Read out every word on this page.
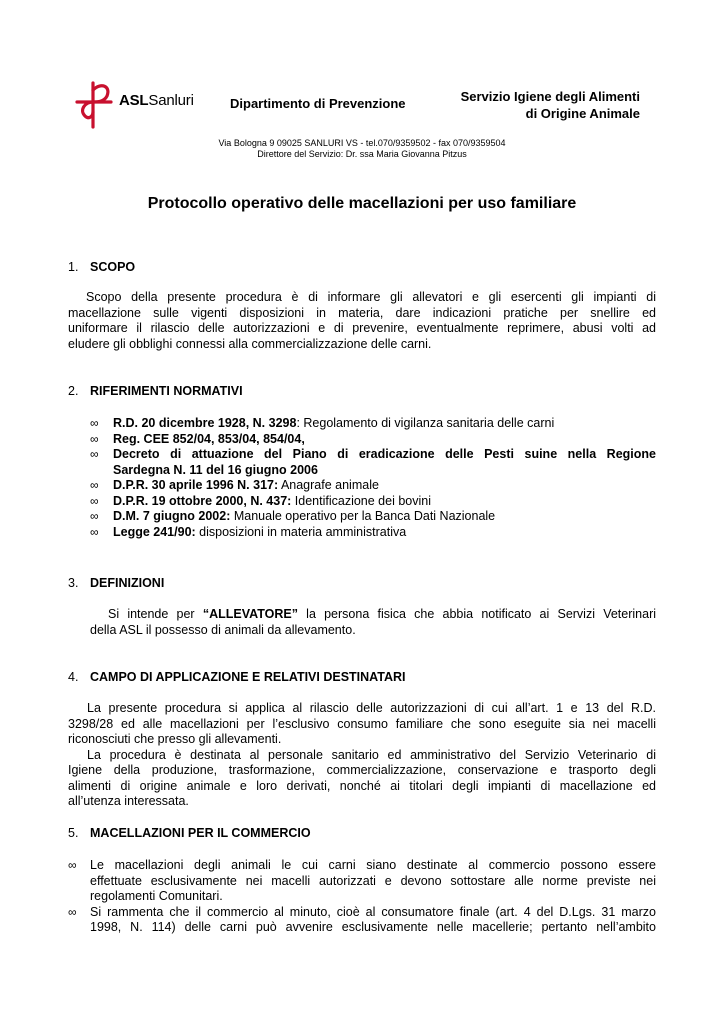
ASLSanluri	Dipartimento di Prevenzione	Servizio Igiene degli Alimenti
di Origine Animale
Via Bologna 9 09025 SANLURI VS - tel.070/9359502 - fax 070/9359504
Direttore del Servizio: Dr. ssa Maria Giovanna Pitzus
Protocollo operativo delle macellazioni per uso familiare
1. SCOPO
Scopo della presente procedura è di informare gli allevatori e gli esercenti gli impianti di
macellazione sulle vigenti disposizioni in materia, dare indicazioni pratiche per snellire ed
uniformare il rilascio delle autorizzazioni e di prevenire, eventualmente reprimere, abusi volti ad
eludere gli obblighi connessi alla commercializzazione delle carni.
2. RIFERIMENTI NORMATIVI
∞ R.D. 20 dicembre 1928, N. 3298: Regolamento di vigilanza sanitaria delle carni
∞ Reg. CEE 852/04, 853/04, 854/04,
∞ Decreto di attuazione del Piano di eradicazione delle Pesti suine nella Regione
Sardegna N. 11 del 16 giugno 2006
∞ D.P.R. 30 aprile 1996 N. 317: Anagrafe animale
∞ D.P.R. 19 ottobre 2000, N. 437: Identificazione dei bovini
∞ D.M. 7 giugno 2002: Manuale operativo per la Banca Dati Nazionale
∞ Legge 241/90: disposizioni in materia amministrativa
3. DEFINIZIONI
Si intende per “ALLEVATORE” la persona fisica che abbia notificato ai Servizi Veterinari
della ASL il possesso di animali da allevamento.
4. CAMPO DI APPLICAZIONE E RELATIVI DESTINATARI
La presente procedura si applica al rilascio delle autorizzazioni di cui all’art. 1 e 13 del R.D.
3298/28 ed alle macellazioni per l’esclusivo consumo familiare che sono eseguite sia nei macelli
riconosciuti che presso gli allevamenti.
La procedura è destinata al personale sanitario ed amministrativo del Servizio Veterinario di
Igiene della produzione, trasformazione, commercializzazione, conservazione e trasporto degli
alimenti di origine animale e loro derivati, nonché ai titolari degli impianti di macellazione ed
all’utenza interessata.
5. MACELLAZIONI PER IL COMMERCIO
∞ Le macellazioni degli animali le cui carni siano destinate al commercio possono essere
effettuate esclusivamente nei macelli autorizzati e devono sottostare alle norme previste nei
regolamenti Comunitari.
∞ Si rammenta che il commercio al minuto, cioè al consumatore finale (art. 4 del D.Lgs. 31 marzo
1998, N. 114) delle carni può avvenire esclusivamente nelle macellerie; pertanto nell’ambito
